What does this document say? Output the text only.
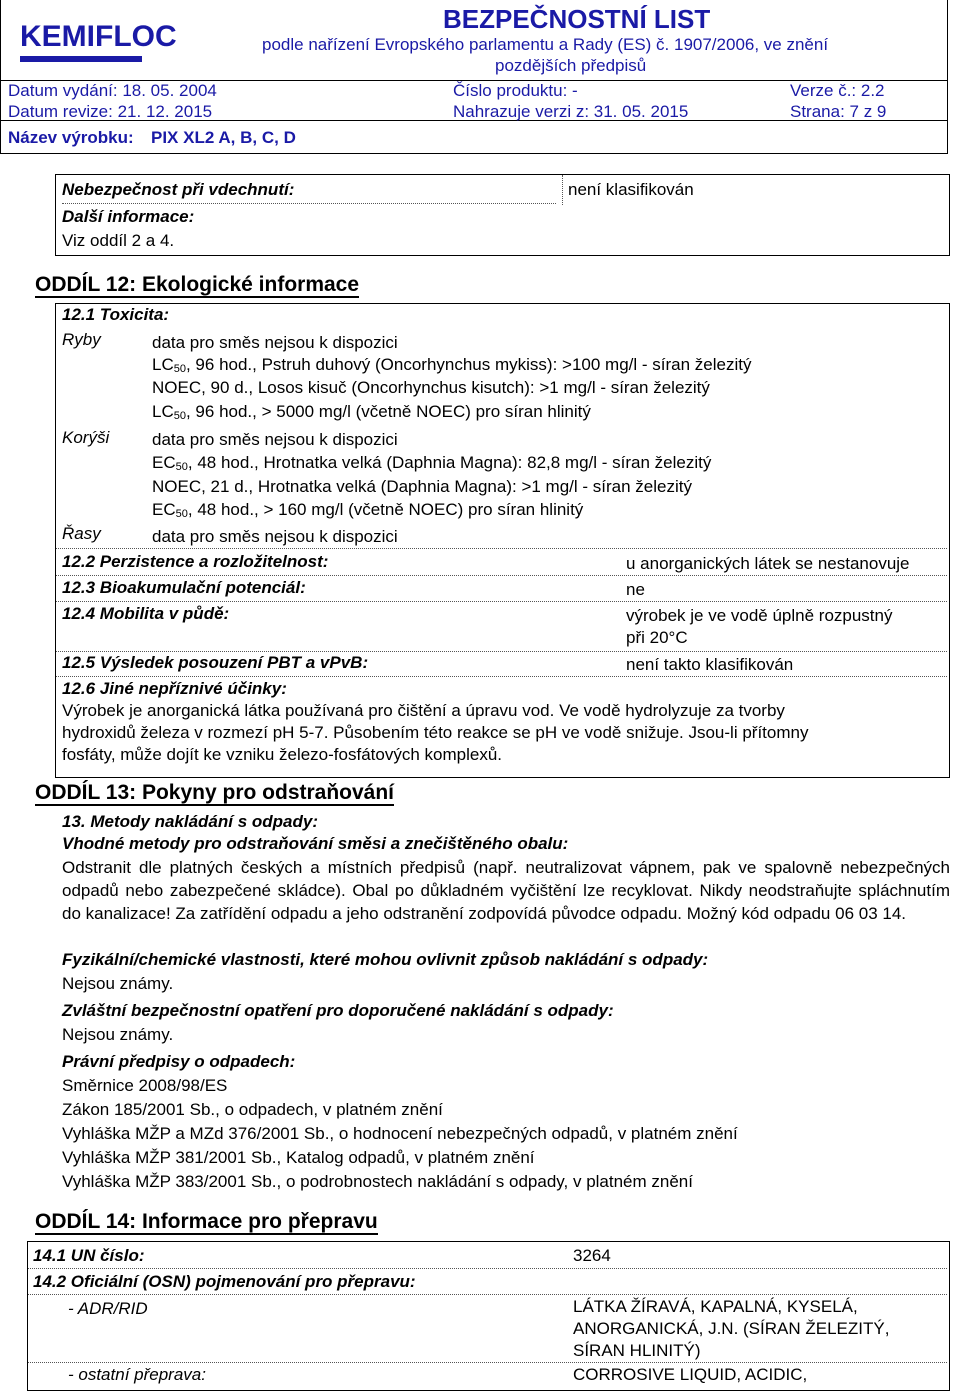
KEMIFLOC
BEZPEČNOSTNÍ LIST
podle nařízení Evropského parlamentu a Rady (ES) č. 1907/2006, ve znění
pozdějších předpisů
Datum vydání: 18. 05. 2004	Číslo produktu: -	Verze č.: 2.2
Datum revize: 21. 12. 2015	Nahrazuje verzi z: 31. 05. 2015	Strana: 7 z 9
Název výrobku: PIX XL2 A, B, C, D
Nebezpečnost při vdechnutí:	není klasifikován
Další informace:
Viz oddíl 2 a 4.
ODDÍL 12: Ekologické informace
12.1 Toxicita:
Ryby	data pro směs nejsou k dispozici
$LC_{50}$, 96 hod., Pstruh duhový (Oncorhynchus mykiss): >100 mg/l - síran železitý
NOEC, 90 d., Losos kisuč (Oncorhynchus kisutch): >1 mg/l - síran železitý
$LC_{50}$, 96 hod., > 5000 mg/l (včetně NOEC) pro síran hlinitý
Korýši	data pro směs nejsou k dispozici
$EC_{50}$, 48 hod., Hrotnatka velká (Daphnia Magna): 82,8 mg/l - síran železitý
NOEC, 21 d., Hrotnatka velká (Daphnia Magna): >1 mg/l - síran železitý
$EC_{50}$, 48 hod., > 160 mg/l (včetně NOEC) pro síran hlinitý
Řasy	data pro směs nejsou k dispozici
12.2 Perzistence a rozložitelnost:	u anorganických látek se nestanovuje
12.3 Bioakumulační potenciál:	ne
12.4 Mobilita v půdě:	výrobek je ve vodě úplně rozpustný
při 20°C
12.5 Výsledek posouzení PBT a vPvB:	není takto klasifikován
12.6 Jiné nepříznivé účinky:
Výrobek je anorganická látka používaná pro čištění a úpravu vod. Ve vodě hydrolyzuje za tvorby
hydroxidů železa v rozmezí pH 5-7. Působením této reakce se pH ve vodě snižuje. Jsou-li přítomny
fosfáty, může dojít ke vzniku železo-fosfátových komplexů.
ODDÍL 13: Pokyny pro odstraňování
13. Metody nakládání s odpady:
Vhodné metody pro odstraňování směsi a znečištěného obalu:
Odstranit dle platných českých a místních předpisů (např. neutralizovat vápnem, pak ve spalovně nebezpečných odpadů nebo zabezpečené skládce). Obal po důkladném vyčištění lze recyklovat. Nikdy neodstraňujte spláchnutím do kanalizace! Za zatřídění odpadu a jeho odstranění zodpovídá původce odpadu. Možný kód odpadu 06 03 14.
Fyzikální/chemické vlastnosti, které mohou ovlivnit způsob nakládání s odpady:
Nejsou známy.
Zvláštní bezpečnostní opatření pro doporučené nakládání s odpady:
Nejsou známy.
Právní předpisy o odpadech:
Směrnice 2008/98/ES
Zákon 185/2001 Sb., o odpadech, v platném znění
Vyhláška MŽP a MZd 376/2001 Sb., o hodnocení nebezpečných odpadů, v platném znění
Vyhláška MŽP 381/2001 Sb., Katalog odpadů, v platném znění
Vyhláška MŽP 383/2001 Sb., o podrobnostech nakládání s odpady, v platném znění
ODDÍL 14: Informace pro přepravu
14.1 UN číslo:	3264
14.2 Oficiální (OSN) pojmenování pro přepravu:
- ADR/RID	LÁTKA ŽÍRAVÁ, KAPALNÁ, KYSELÁ,
ANORGANICKÁ, J.N. (SÍRAN ŽELEZITÝ,
SÍRAN HLINITÝ)
- ostatní přeprava:	CORROSIVE LIQUID, ACIDIC,
